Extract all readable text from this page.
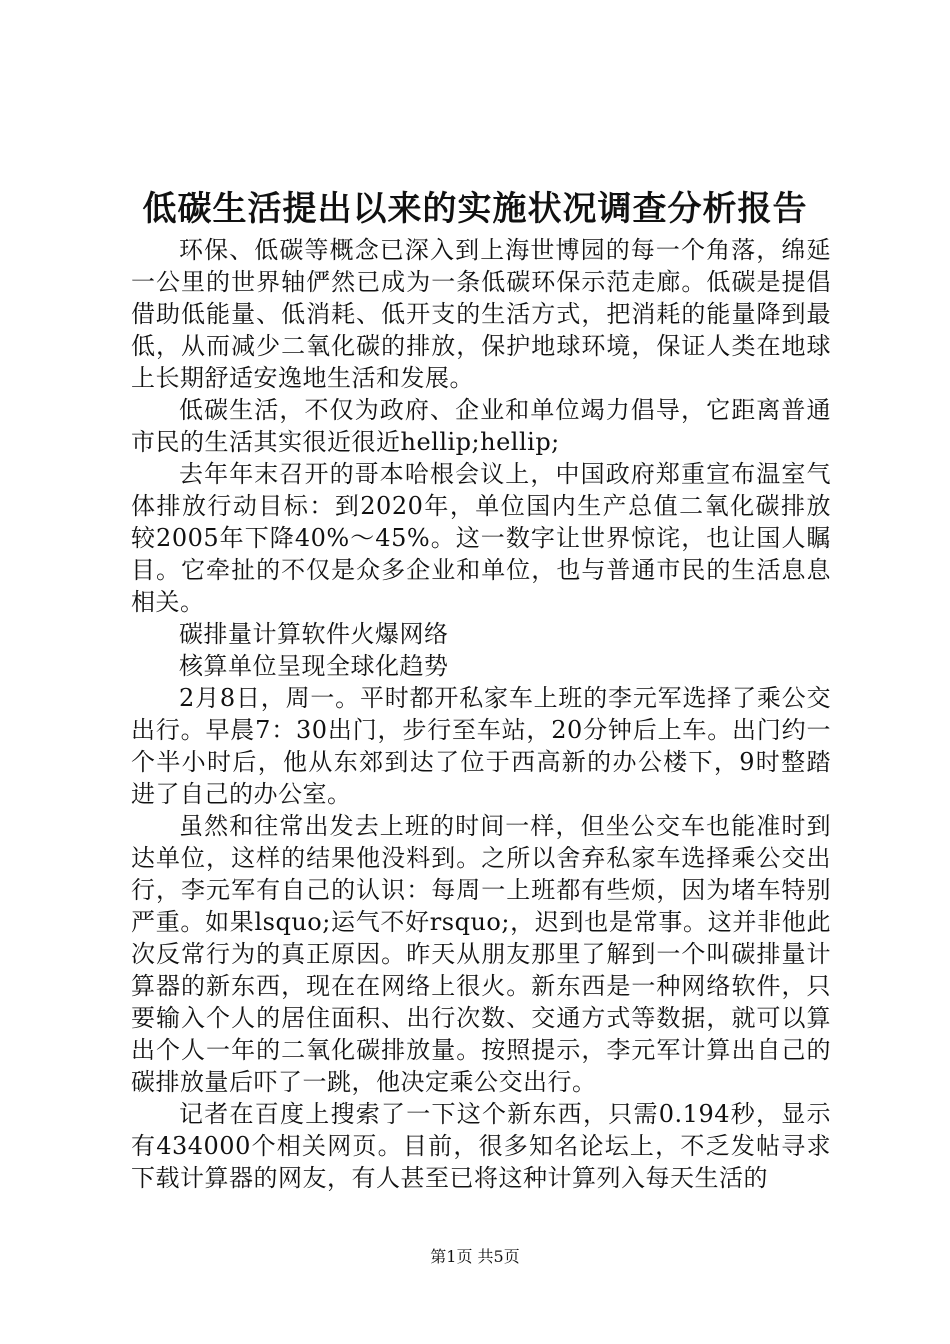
低碳生活提出以来的实施状况调查分析报告

环保、低碳等概念已深入到上海世博园的每一个角落，绵延一公里的世界轴俨然已成为一条低碳环保示范走廊。低碳是提倡借助低能量、低消耗、低开支的生活方式，把消耗的能量降到最低，从而减少二氧化碳的排放，保护地球环境，保证人类在地球上长期舒适安逸地生活和发展。

低碳生活，不仅为政府、企业和单位竭力倡导，它距离普通市民的生活其实很近很近hellip;hellip;

去年年末召开的哥本哈根会议上，中国政府郑重宣布温室气体排放行动目标：到2020年，单位国内生产总值二氧化碳排放较2005年下降40%～45%。这一数字让世界惊诧，也让国人瞩目。它牵扯的不仅是众多企业和单位，也与普通市民的生活息息相关。

碳排量计算软件火爆网络

核算单位呈现全球化趋势

2月8日，周一。平时都开私家车上班的李元军选择了乘公交出行。早晨7：30出门，步行至车站，20分钟后上车。出门约一个半小时后，他从东郊到达了位于西高新的办公楼下，9时整踏进了自己的办公室。

虽然和往常出发去上班的时间一样，但坐公交车也能准时到达单位，这样的结果他没料到。之所以舍弃私家车选择乘公交出行，李元军有自己的认识：每周一上班都有些烦，因为堵车特别严重。如果lsquo;运气不好rsquo;，迟到也是常事。这并非他此次反常行为的真正原因。昨天从朋友那里了解到一个叫碳排量计算器的新东西，现在在网络上很火。新东西是一种网络软件，只要输入个人的居住面积、出行次数、交通方式等数据，就可以算出个人一年的二氧化碳排放量。按照提示，李元军计算出自己的碳排放量后吓了一跳，他决定乘公交出行。

记者在百度上搜索了一下这个新东西，只需0.194秒，显示有434000个相关网页。目前，很多知名论坛上，不乏发帖寻求下载计算器的网友，有人甚至已将这种计算列入每天生活的

第1页 共5页
